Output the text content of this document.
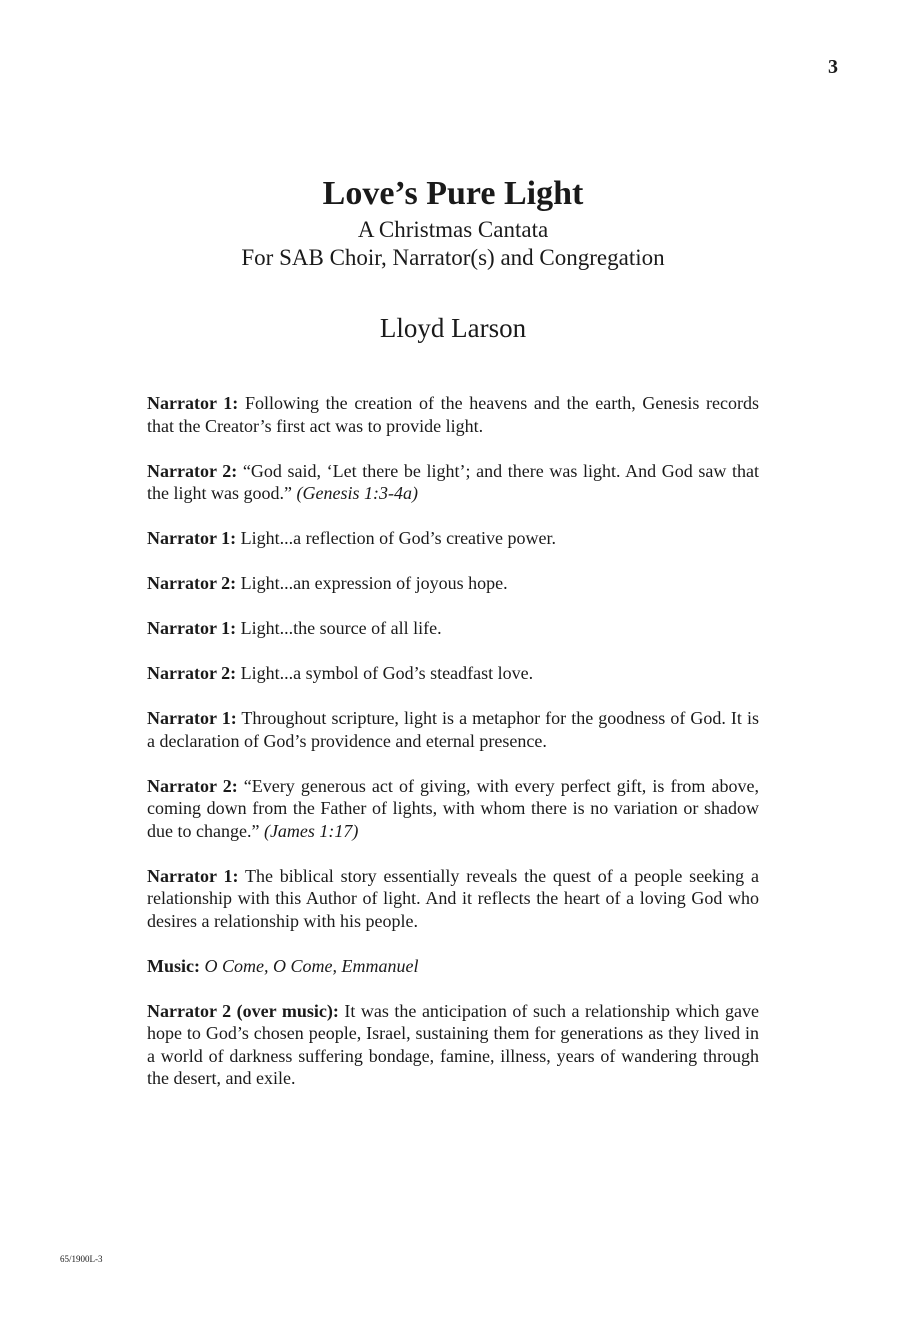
3
Love’s Pure Light
A Christmas Cantata
For SAB Choir, Narrator(s) and Congregation
Lloyd Larson

Narrator 1: Following the creation of the heavens and the earth, Genesis records that the Creator’s first act was to provide light.

Narrator 2: “God said, ‘Let there be light’; and there was light. And God saw that the light was good.” (Genesis 1:3-4a)

Narrator 1: Light...a reflection of God’s creative power.

Narrator 2: Light...an expression of joyous hope.

Narrator 1: Light...the source of all life.

Narrator 2: Light...a symbol of God’s steadfast love.

Narrator 1: Throughout scripture, light is a metaphor for the goodness of God. It is a declaration of God’s providence and eternal presence.

Narrator 2: “Every generous act of giving, with every perfect gift, is from above, coming down from the Father of lights, with whom there is no variation or shadow due to change.” (James 1:17)

Narrator 1: The biblical story essentially reveals the quest of a people seeking a relationship with this Author of light. And it reflects the heart of a loving God who desires a relationship with his people.

Music: O Come, O Come, Emmanuel

Narrator 2 (over music): It was the anticipation of such a relationship which gave hope to God’s chosen people, Israel, sustaining them for generations as they lived in a world of darkness suffering bondage, famine, illness, years of wandering through the desert, and exile.

65/1900L-3
